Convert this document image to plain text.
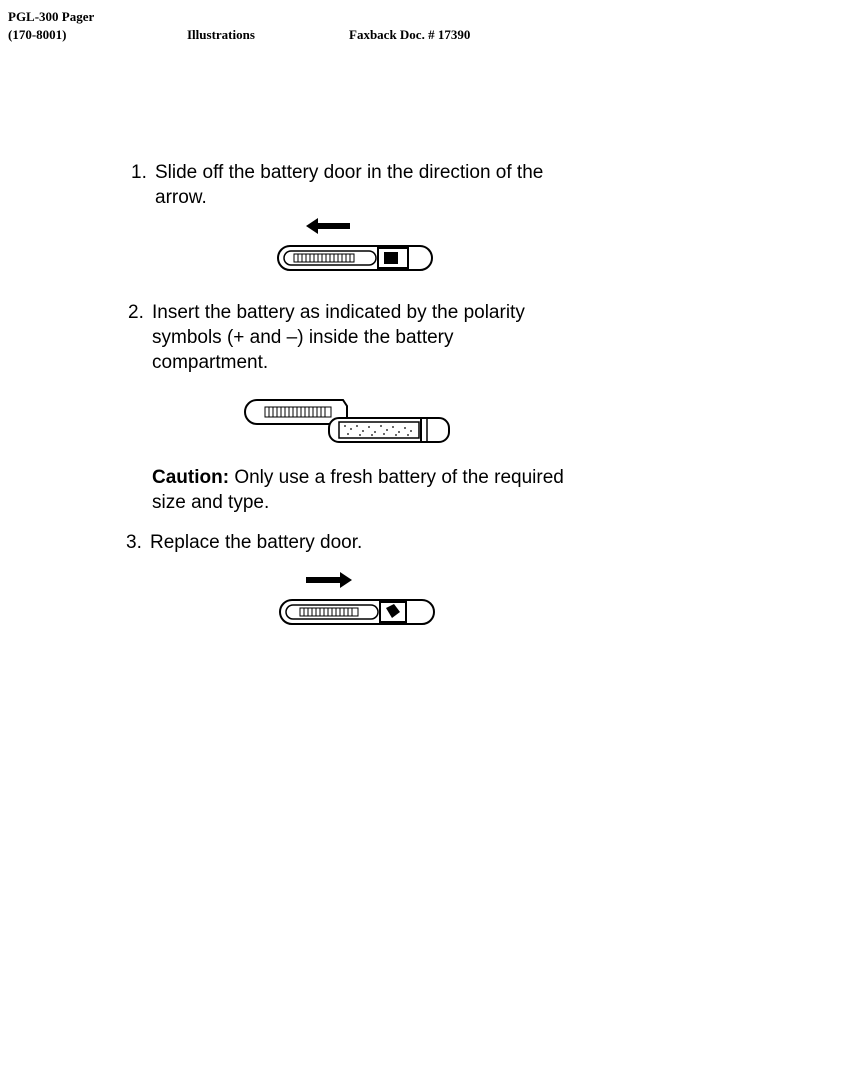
PGL-300 Pager
(170-8001)	Illustrations	Faxback Doc. # 17390
1. Slide off the battery door in the direction of the arrow.
2. Insert the battery as indicated by the polarity symbols (+ and –) inside the battery compartment.
Caution: Only use a fresh battery of the required size and type.
3. Replace the battery door.
